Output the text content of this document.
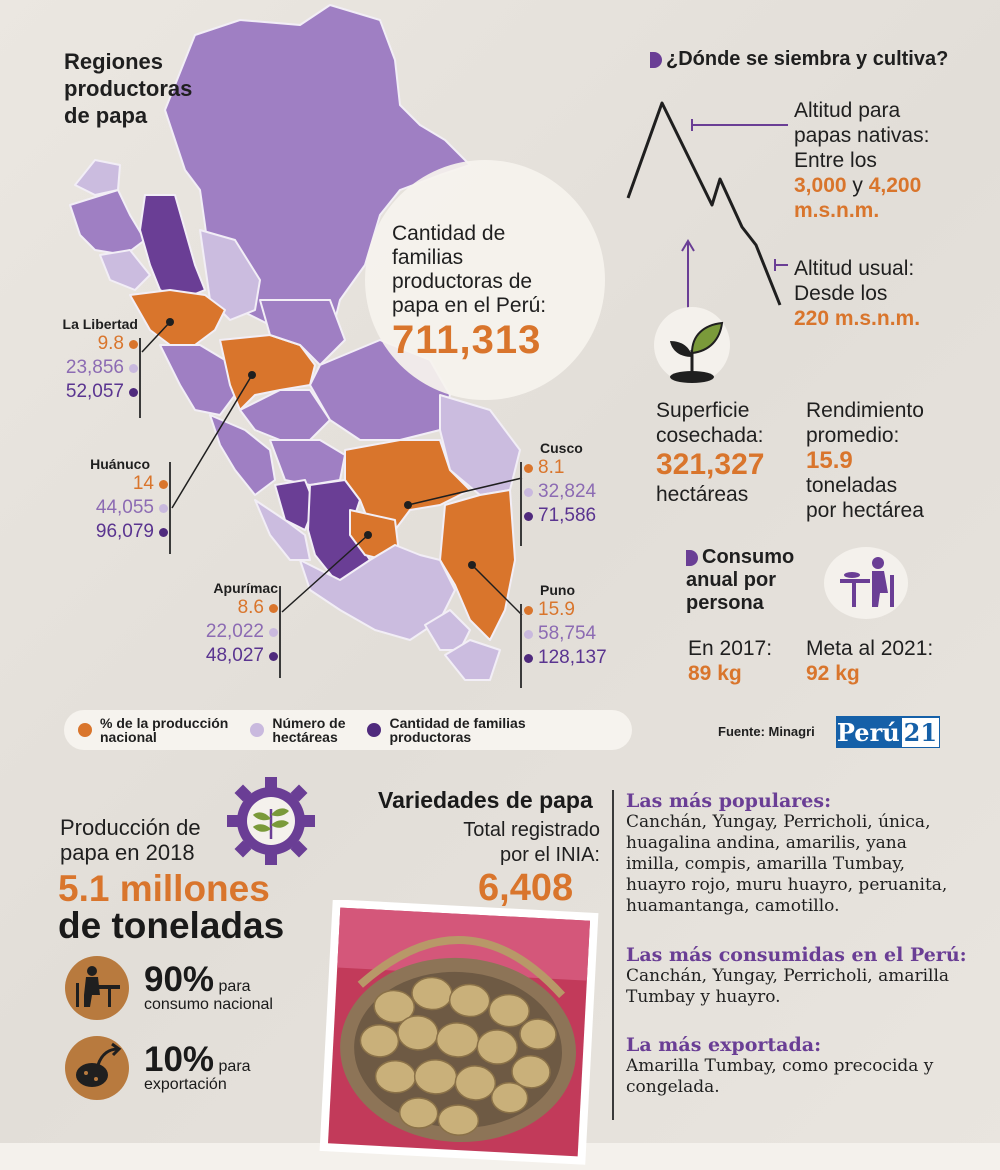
Regiones
productoras
de papa
Cantidad de
familias
productoras de
papa en el Perú:
711,313
La Libertad
9.8
23,856
52,057
Huánuco
14
44,055
96,079
Apurímac
8.6
22,022
48,027
Cusco
8.1
32,824
71,586
Puno
15.9
58,754
128,137
% de la producción
nacional
Número de
hectáreas
Cantidad de familias
productoras
¿Dónde se siembra y cultiva?
Altitud para
papas nativas:
Entre los
3,000 y 4,200
m.s.n.m.
Altitud usual:
Desde los
220 m.s.n.m.
Superficie
cosechada:
321,327
hectáreas
Rendimiento
promedio:
15.9
toneladas
por hectárea
Consumo
anual por
persona
En 2017:
89 kg
Meta al 2021:
92 kg
Fuente: Minagri Perú 21
Producción de
papa en 2018
5.1 millones
de toneladas
90% para
consumo nacional
10% para
exportación
Variedades de papa
Total registrado
por el INIA:
6,408
Las más populares:
Canchán, Yungay, Perricholi, única,
huagalina andina, amarilis, yana
imilla, compis, amarilla Tumbay,
huayro rojo, muru huayro, peruanita,
huamantanga, camotillo.
Las más consumidas en el Perú:
Canchán, Yungay, Perricholi, amarilla
Tumbay y huayro.
La más exportada:
Amarilla Tumbay, como precocida y
congelada.
